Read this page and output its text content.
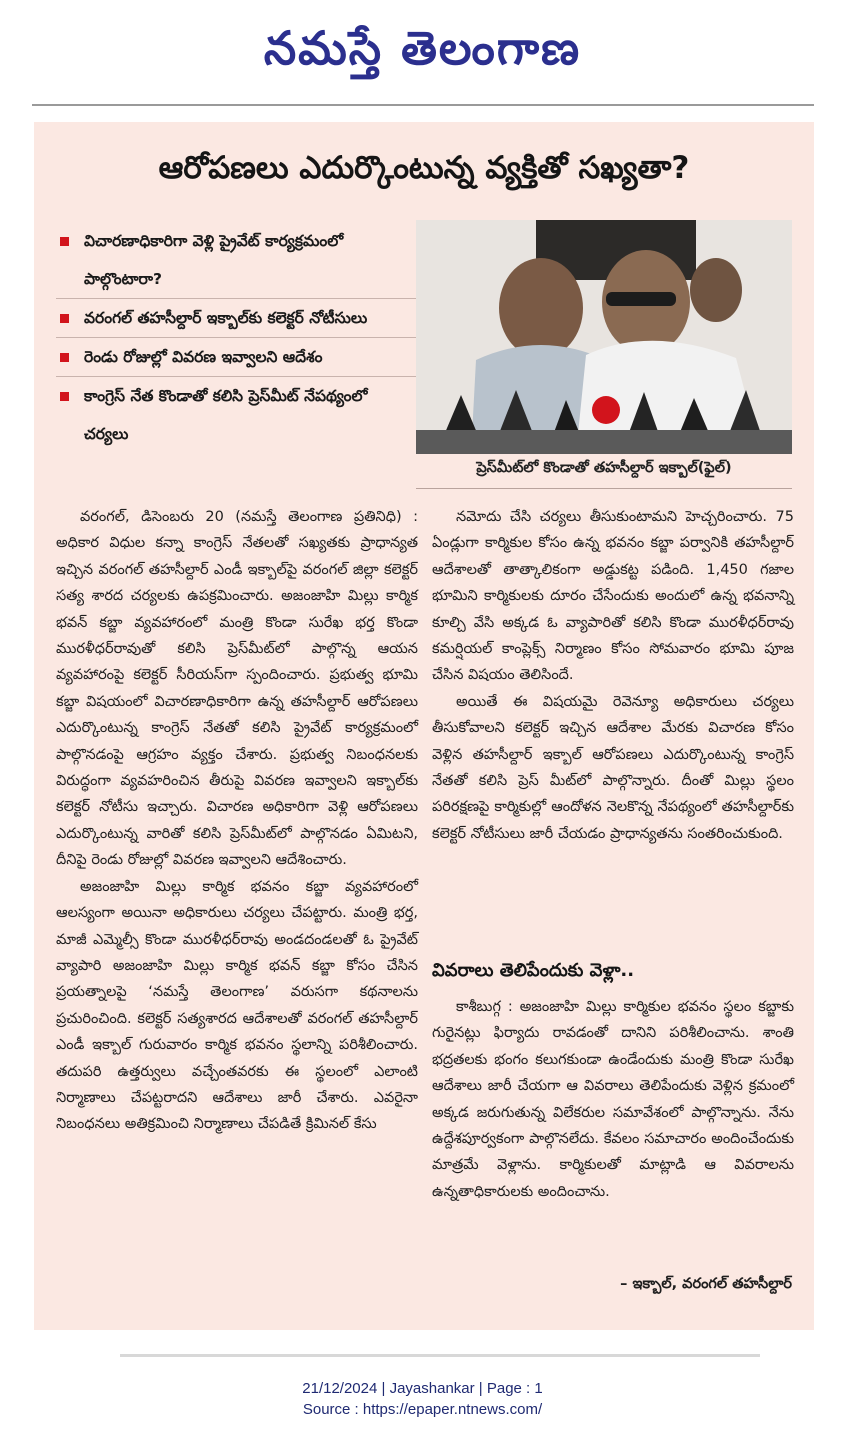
నమస్తే తెలంగాణ
ఆరోపణలు ఎదుర్కొంటున్న వ్యక్తితో సఖ్యతా?
విచారణాధికారిగా వెళ్లి ప్రైవేట్ కార్యక్రమంలో పాల్గొంటారా?
వరంగల్ తహసీల్దార్ ఇక్బాల్‌కు కలెక్టర్ నోటీసులు
రెండు రోజుల్లో వివరణ ఇవ్వాలని ఆదేశం
కాంగ్రెస్ నేత కొండాతో కలిసి ప్రెస్‌మీట్ నేపథ్యంలో చర్యలు
ప్రెస్‌మీట్‌లో కొండాతో తహసీల్దార్ ఇక్బాల్(ఫైల్)

వరంగల్, డిసెంబరు 20 (నమస్తే తెలంగాణ ప్రతినిధి) : అధికార విధుల కన్నా కాంగ్రెస్ నేతలతో సఖ్యతకు ప్రాధాన్యత ఇచ్చిన వరంగల్ తహసీల్దార్ ఎండీ ఇక్బాల్‌పై వరంగల్ జిల్లా కలెక్టర్ సత్య శారద చర్యలకు ఉపక్రమించారు. అజంజాహి మిల్లు కార్మిక భవన్ కబ్జా వ్యవహారంలో మంత్రి కొండా సురేఖ భర్త కొండా మురళీధర్‌రావుతో కలిసి ప్రెస్‌మీట్‌లో పాల్గొన్న ఆయన వ్యవహారంపై కలెక్టర్ సీరియస్‌గా స్పందించారు. ప్రభుత్వ భూమి కబ్జా విషయంలో విచారణాధికారిగా ఉన్న తహసీల్దార్ ఆరోపణలు ఎదుర్కొంటున్న కాంగ్రెస్ నేతతో కలిసి ప్రైవేట్ కార్యక్రమంలో పాల్గొనడంపై ఆగ్రహం వ్యక్తం చేశారు. ప్రభుత్వ నిబంధనలకు విరుద్ధంగా వ్యవహరించిన తీరుపై వివరణ ఇవ్వాలని ఇక్బాల్‌కు కలెక్టర్ నోటీసు ఇచ్చారు. విచారణ అధికారిగా వెళ్లి ఆరోపణలు ఎదుర్కొంటున్న వారితో కలిసి ప్రెస్‌మీట్‌లో పాల్గొనడం ఏమిటని, దీనిపై రెండు రోజుల్లో వివరణ ఇవ్వాలని ఆదేశించారు.

అజంజాహి మిల్లు కార్మిక భవనం కబ్జా వ్యవహారంలో ఆలస్యంగా అయినా అధికారులు చర్యలు చేపట్టారు. మంత్రి భర్త, మాజీ ఎమ్మెల్సీ కొండా మురళీధర్‌రావు అండదండలతో ఓ ప్రైవేట్ వ్యాపారి అజంజాహి మిల్లు కార్మిక భవన్ కబ్జా కోసం చేసిన ప్రయత్నాలపై ‘నమస్తే తెలంగాణ’ వరుసగా కథనాలను ప్రచురించింది. కలెక్టర్ సత్యశారద ఆదేశాలతో వరంగల్ తహసీల్దార్ ఎండీ ఇక్బాల్ గురువారం కార్మిక భవనం స్థలాన్ని పరిశీలించారు. తదుపరి ఉత్తర్వులు వచ్చేంతవరకు ఈ స్థలంలో ఎలాంటి నిర్మాణాలు చేపట్టరాదని ఆదేశాలు జారీ చేశారు. ఎవరైనా నిబంధనలు అతిక్రమించి నిర్మాణాలు చేపడితే క్రిమినల్ కేసు

నమోదు చేసి చర్యలు తీసుకుంటామని హెచ్చరించారు. 75 ఏండ్లుగా కార్మికుల కోసం ఉన్న భవనం కబ్జా పర్వానికి తహసీల్దార్ ఆదేశాలతో తాత్కాలికంగా అడ్డుకట్ట పడింది. 1,450 గజాల భూమిని కార్మికులకు దూరం చేసేందుకు అందులో ఉన్న భవనాన్ని కూల్చి వేసి అక్కడ ఓ వ్యాపారితో కలిసి కొండా మురళీధర్‌రావు కమర్షియల్ కాంప్లెక్స్ నిర్మాణం కోసం సోమవారం భూమి పూజ చేసిన విషయం తెలిసిందే.

అయితే ఈ విషయమై రెవెన్యూ అధికారులు చర్యలు తీసుకోవాలని కలెక్టర్ ఇచ్చిన ఆదేశాల మేరకు విచారణ కోసం వెళ్లిన తహసీల్దార్ ఇక్బాల్ ఆరోపణలు ఎదుర్కొంటున్న కాంగ్రెస్ నేతతో కలిసి ప్రెస్ మీట్‌లో పాల్గొన్నారు. దీంతో మిల్లు స్థలం పరిరక్షణపై కార్మికుల్లో ఆందోళన నెలకొన్న నేపథ్యంలో తహసీల్దార్‌కు కలెక్టర్ నోటీసులు జారీ చేయడం ప్రాధాన్యతను సంతరించుకుంది.

వివరాలు తెలిపేందుకు వెళ్లా..

కాశీబుగ్గ : అజంజాహి మిల్లు కార్మికుల భవనం స్థలం కబ్జాకు గురైనట్లు ఫిర్యాదు రావడంతో దానిని పరిశీలించాను. శాంతి భద్రతలకు భంగం కలుగకుండా ఉండేందుకు మంత్రి కొండా సురేఖ ఆదేశాలు జారీ చేయగా ఆ వివరాలు తెలిపేందుకు వెళ్లిన క్రమంలో అక్కడ జరుగుతున్న విలేకరుల సమావేశంలో పాల్గొన్నాను. నేను ఉద్దేశపూర్వకంగా పాల్గొనలేదు. కేవలం సమాచారం అందించేందుకు మాత్రమే వెళ్లాను. కార్మికులతో మాట్లాడి ఆ వివరాలను ఉన్నతాధికారులకు అందించాను.

– ఇక్బాల్, వరంగల్ తహసీల్దార్
21/12/2024 | Jayashankar | Page : 1
Source : https://epaper.ntnews.com/
